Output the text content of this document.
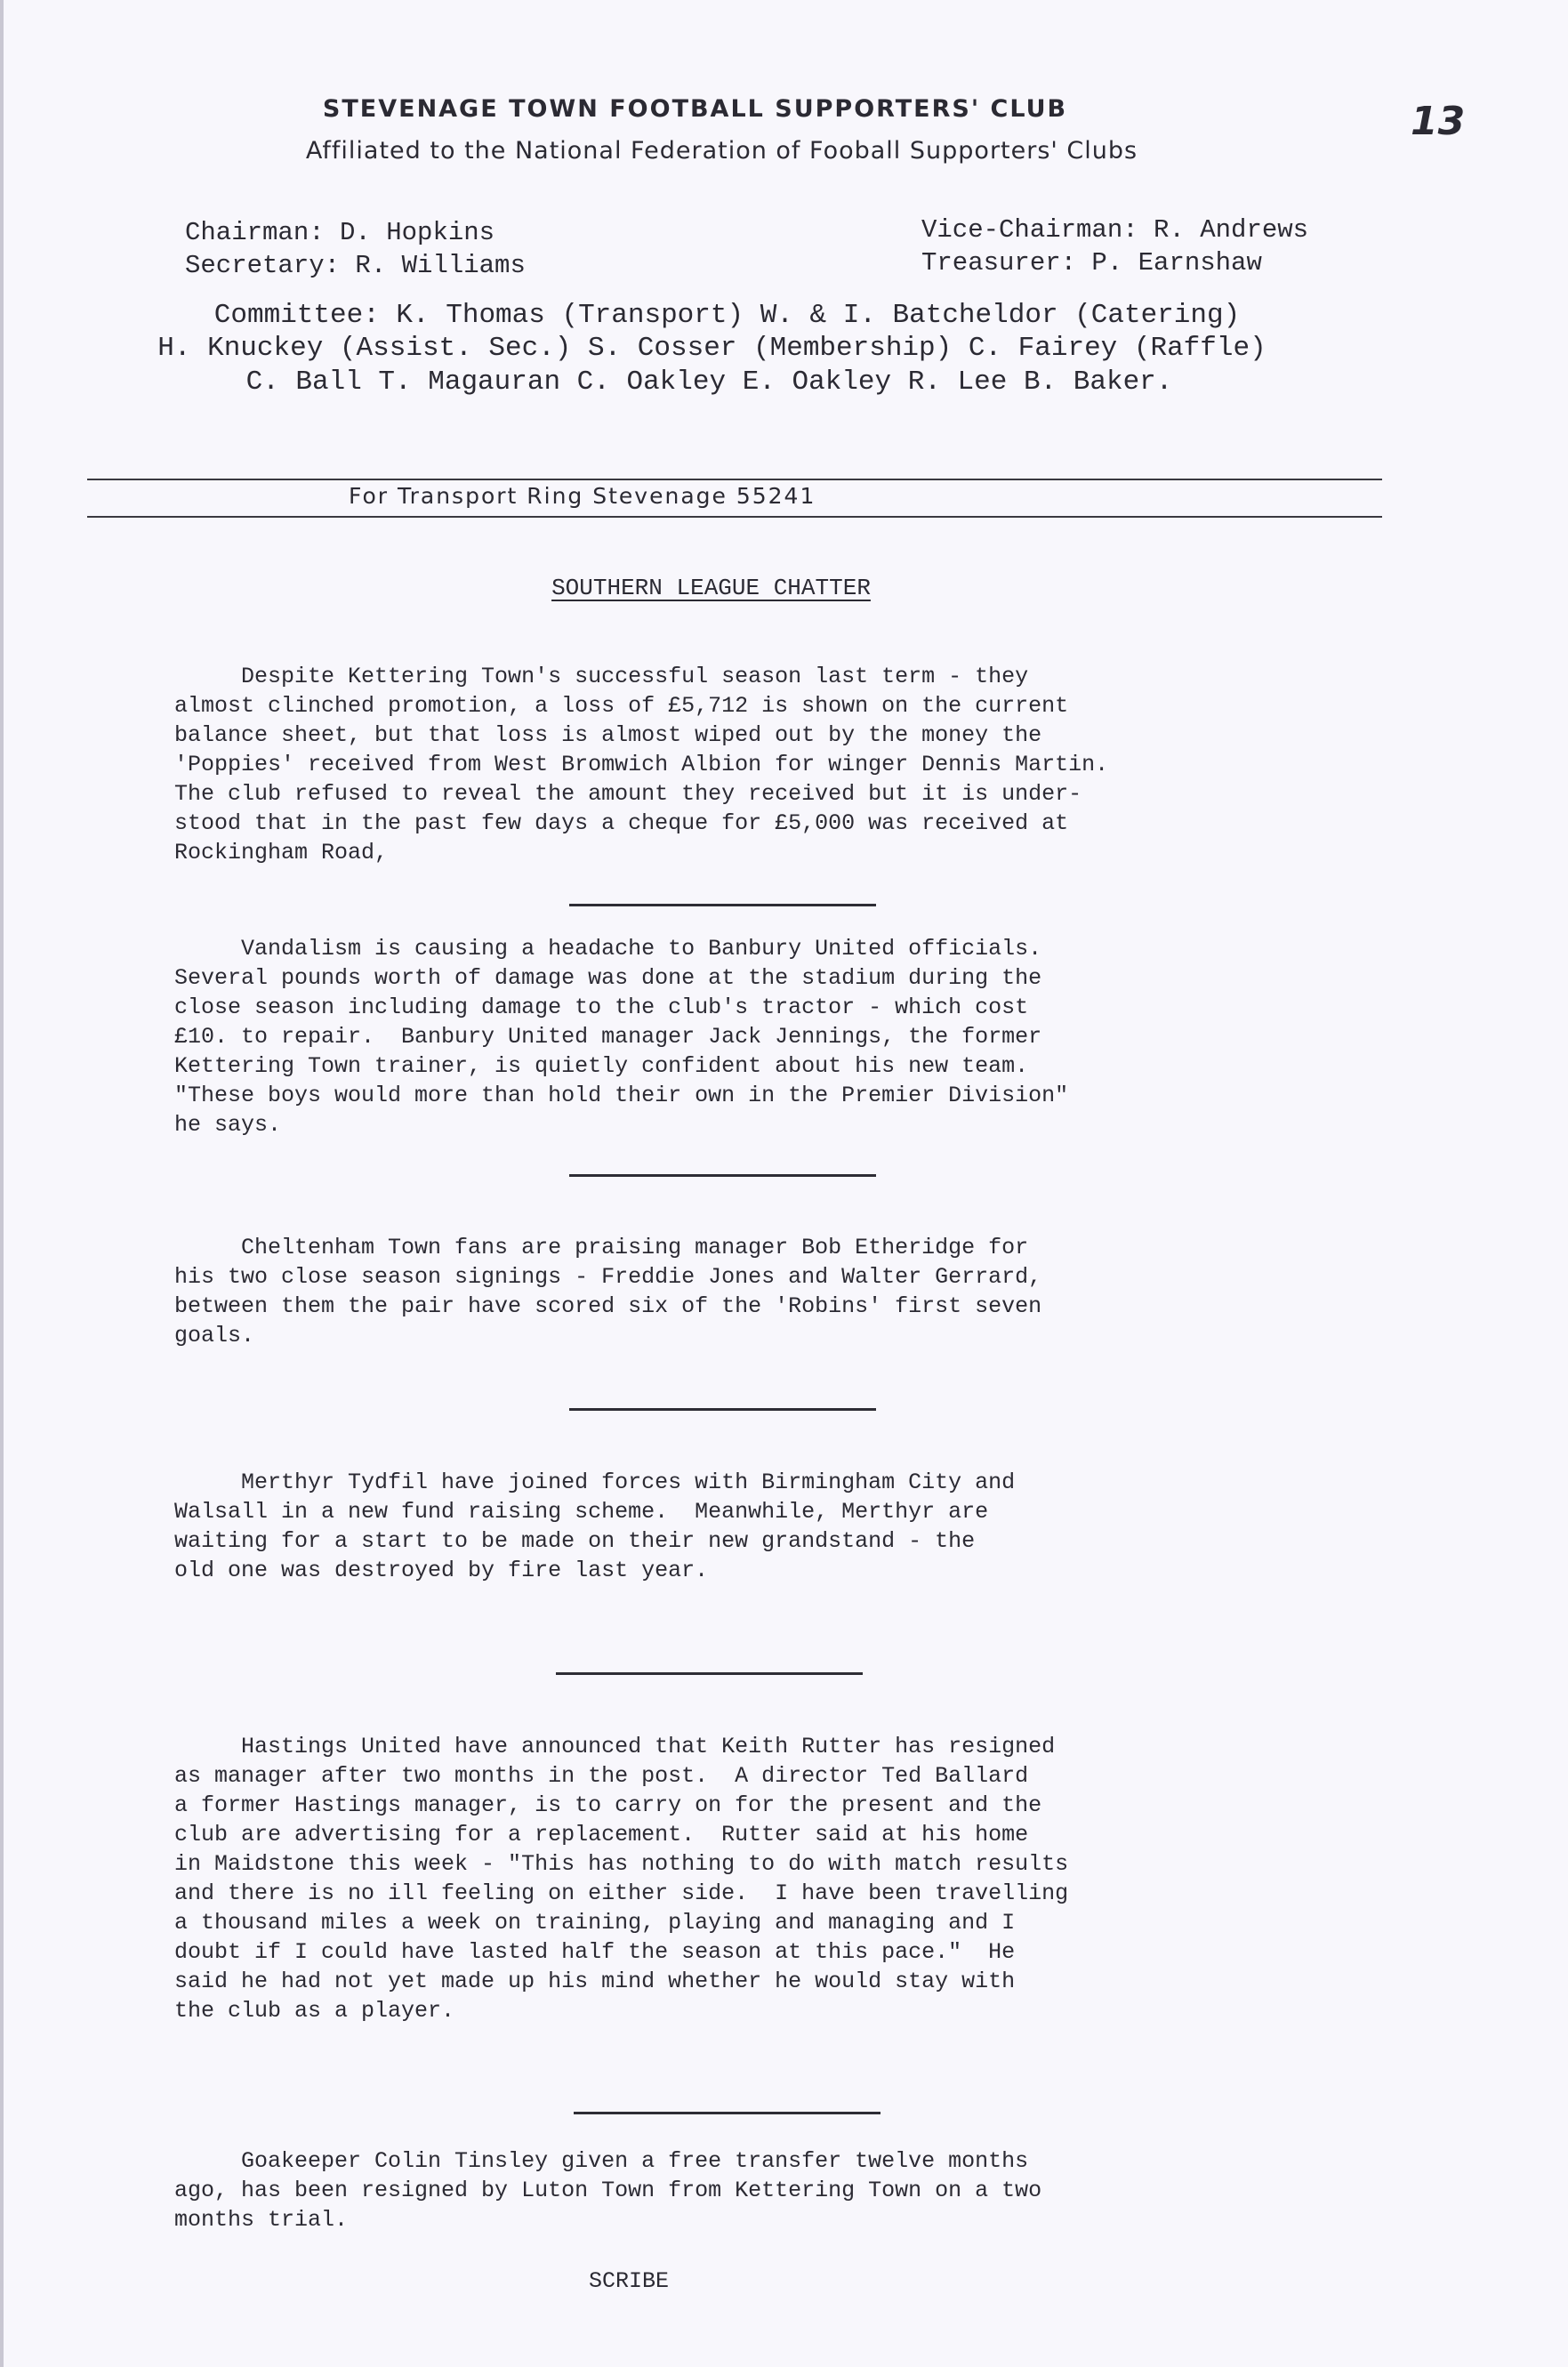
13
STEVENAGE TOWN FOOTBALL SUPPORTERS' CLUB
Affiliated to the National Federation of Fooball Supporters' Clubs
Chairman: D. Hopkins
Secretary: R. Williams
Vice-Chairman: R. Andrews
Treasurer: P. Earnshaw
Committee: K. Thomas (Transport) W. & I. Batcheldor (Catering)
H. Knuckey (Assist. Sec.) S. Cosser (Membership) C. Fairey (Raffle)
C. Ball T. Magauran C. Oakley E. Oakley R. Lee B. Baker.
For Transport Ring Stevenage 55241
SOUTHERN LEAGUE CHATTER
Despite Kettering Town's successful season last term - they
almost clinched promotion, a loss of £5,712 is shown on the current
balance sheet, but that loss is almost wiped out by the money the
'Poppies' received from West Bromwich Albion for winger Dennis Martin.
The club refused to reveal the amount they received but it is under-
stood that in the past few days a cheque for £5,000 was received at
Rockingham Road,
Vandalism is causing a headache to Banbury United officials.
Several pounds worth of damage was done at the stadium during the
close season including damage to the club's tractor - which cost
£10. to repair.  Banbury United manager Jack Jennings, the former
Kettering Town trainer, is quietly confident about his new team.
"These boys would more than hold their own in the Premier Division"
he says.
Cheltenham Town fans are praising manager Bob Etheridge for
his two close season signings - Freddie Jones and Walter Gerrard,
between them the pair have scored six of the 'Robins' first seven
goals.
Merthyr Tydfil have joined forces with Birmingham City and
Walsall in a new fund raising scheme.  Meanwhile, Merthyr are
waiting for a start to be made on their new grandstand - the
old one was destroyed by fire last year.
Hastings United have announced that Keith Rutter has resigned
as manager after two months in the post.  A director Ted Ballard
a former Hastings manager, is to carry on for the present and the
club are advertising for a replacement.  Rutter said at his home
in Maidstone this week - "This has nothing to do with match results
and there is no ill feeling on either side.  I have been travelling
a thousand miles a week on training, playing and managing and I
doubt if I could have lasted half the season at this pace."  He
said he had not yet made up his mind whether he would stay with
the club as a player.
Goakeeper Colin Tinsley given a free transfer twelve months
ago, has been resigned by Luton Town from Kettering Town on a two
months trial.
SCRIBE
